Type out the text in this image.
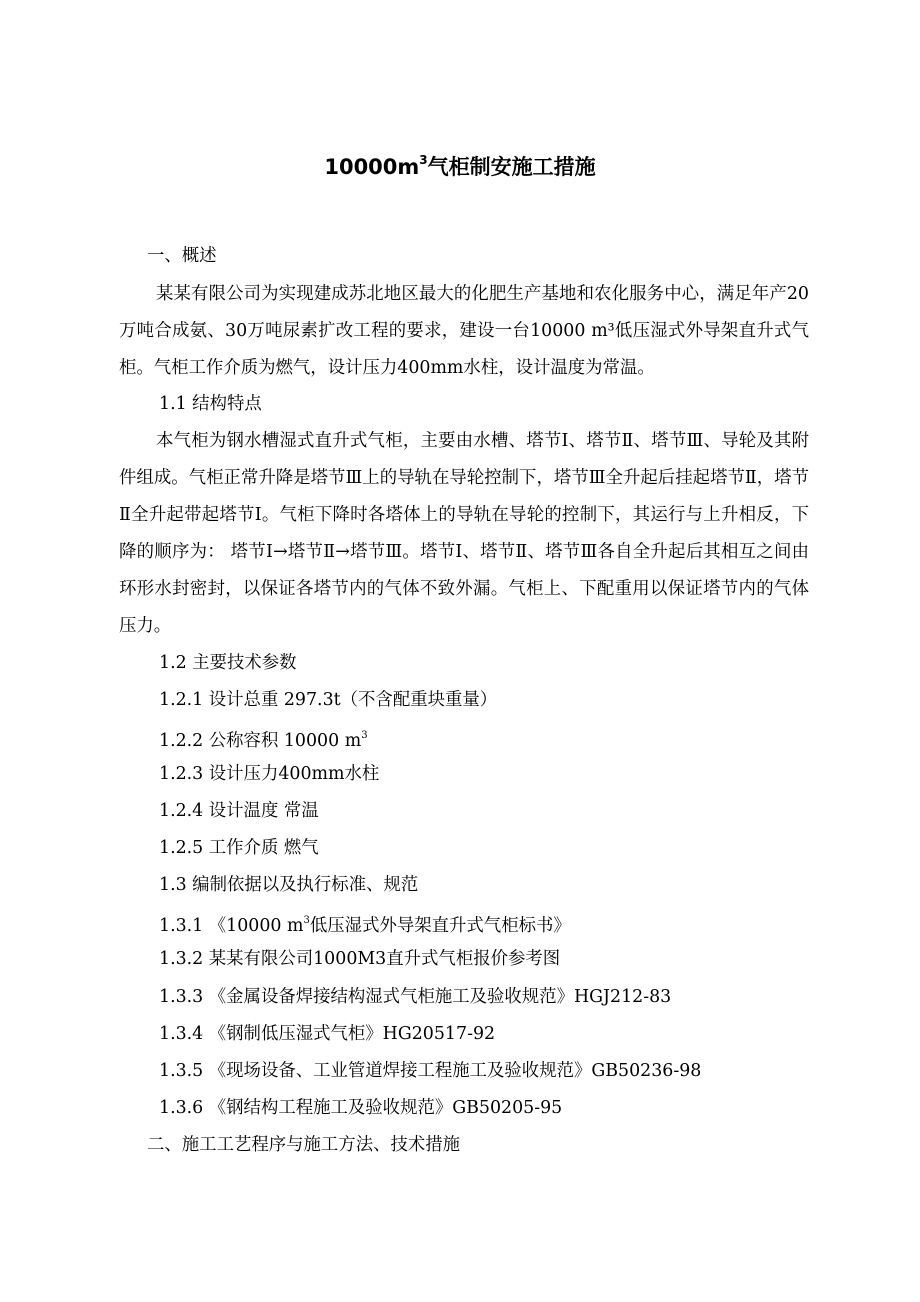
$10000m^3$气柜制安施工措施
一、概述
某某有限公司为实现建成苏北地区最大的化肥生产基地和农化服务中心，满足年产20万吨合成氨、30万吨尿素扩改工程的要求，建设一台10000 m³低压湿式外导架直升式气柜。气柜工作介质为燃气，设计压力400mm水柱，设计温度为常温。
1.1 结构特点
本气柜为钢水槽湿式直升式气柜，主要由水槽、塔节Ⅰ、塔节Ⅱ、塔节Ⅲ、导轮及其附件组成。气柜正常升降是塔节Ⅲ上的导轨在导轮控制下，塔节Ⅲ全升起后挂起塔节Ⅱ，塔节Ⅱ全升起带起塔节Ⅰ。气柜下降时各塔体上的导轨在导轮的控制下，其运行与上升相反，下降的顺序为： 塔节Ⅰ→塔节Ⅱ→塔节Ⅲ。塔节Ⅰ、塔节Ⅱ、塔节Ⅲ各自全升起后其相互之间由环形水封密封，以保证各塔节内的气体不致外漏。气柜上、下配重用以保证塔节内的气体压力。
1.2 主要技术参数
1.2.1 设计总重 297.3t（不含配重块重量）
1.2.2 公称容积 10000 $m^3$
1.2.3 设计压力400mm水柱
1.2.4 设计温度 常温
1.2.5 工作介质 燃气
1.3 编制依据以及执行标准、规范
1.3.1 《10000 $m^3$低压湿式外导架直升式气柜标书》
1.3.2 某某有限公司1000M3直升式气柜报价参考图
1.3.3 《金属设备焊接结构湿式气柜施工及验收规范》HGJ212-83
1.3.4 《钢制低压湿式气柜》HG20517-92
1.3.5 《现场设备、工业管道焊接工程施工及验收规范》GB50236-98
1.3.6 《钢结构工程施工及验收规范》GB50205-95
二、施工工艺程序与施工方法、技术措施
